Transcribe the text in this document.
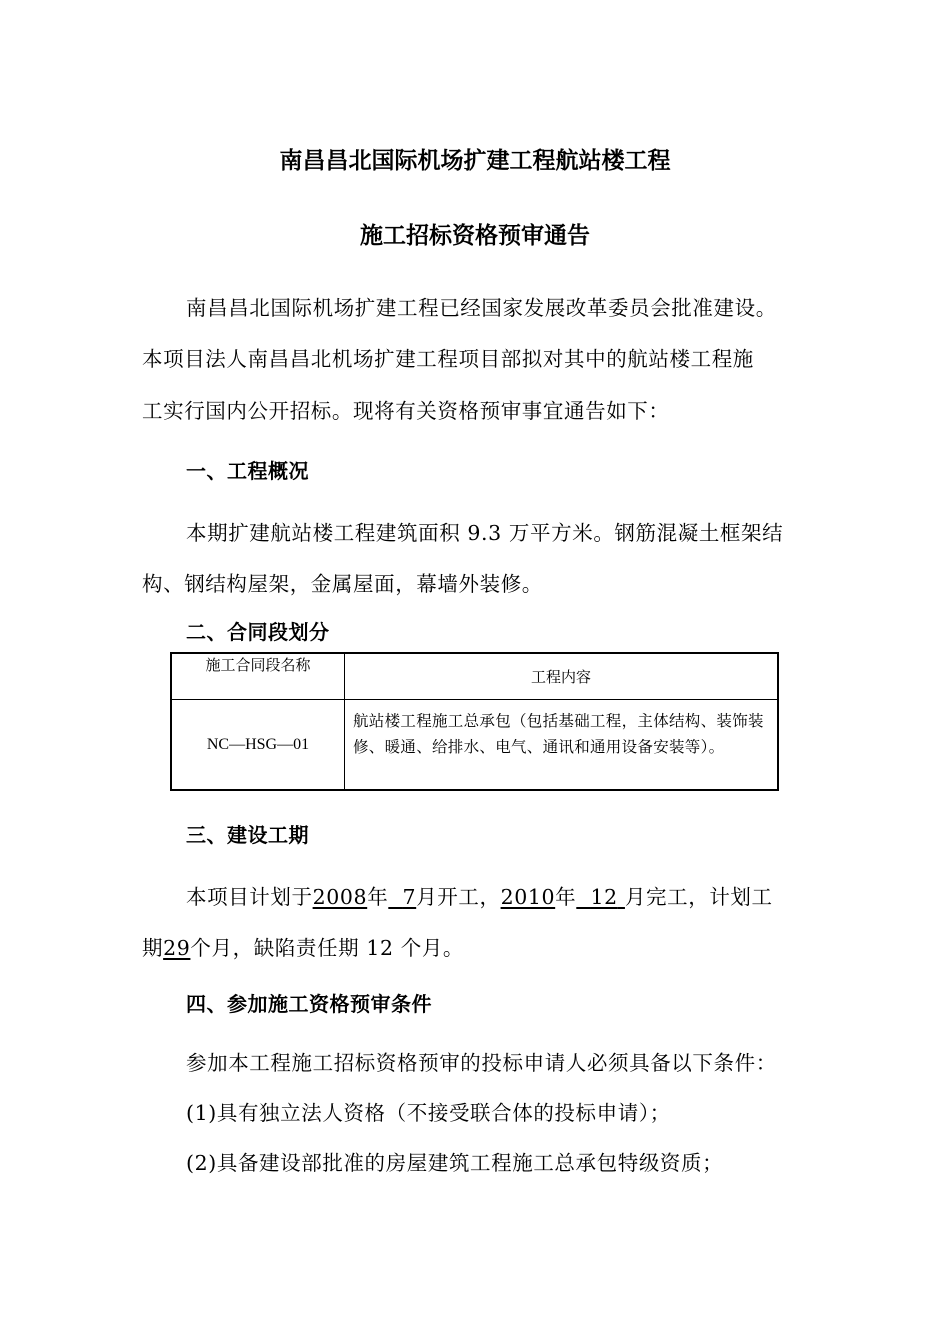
南昌昌北国际机场扩建工程航站楼工程
施工招标资格预审通告
南昌昌北国际机场扩建工程已经国家发展改革委员会批准建设。
本项目法人南昌昌北机场扩建工程项目部拟对其中的航站楼工程施
工实行国内公开招标。现将有关资格预审事宜通告如下：
一、工程概况
本期扩建航站楼工程建筑面积 9.3 万平方米。钢筋混凝土框架结
构、钢结构屋架，金属屋面，幕墙外装修。
二、合同段划分
施工合同段名称	工程内容
NC—HSG—01	航站楼工程施工总承包（包括基础工程，主体结构、装饰装修、暖通、给排水、电气、通讯和通用设备安装等）。
三、建设工期
本项目计划于2008年 7月开工，2010年 12 月完工，计划工
期29个月，缺陷责任期 12 个月。
四、参加施工资格预审条件
参加本工程施工招标资格预审的投标申请人必须具备以下条件：
(1)具有独立法人资格（不接受联合体的投标申请）；
(2)具备建设部批准的房屋建筑工程施工总承包特级资质；
